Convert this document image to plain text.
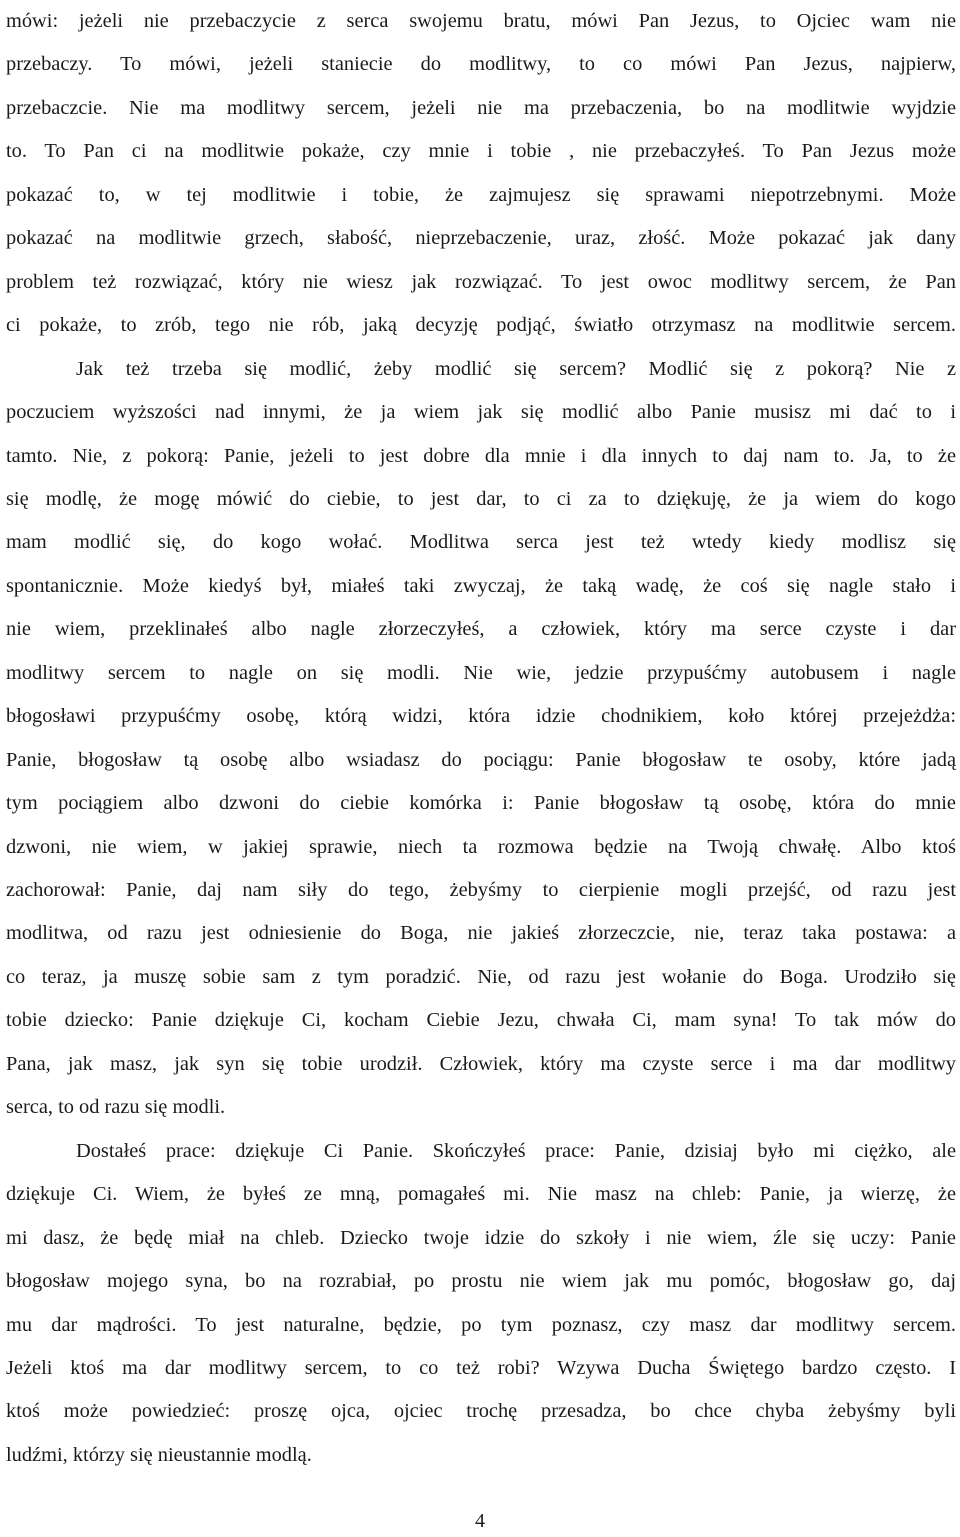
mówi: jeżeli nie przebaczycie z serca swojemu bratu, mówi Pan Jezus, to Ojciec wam nie
przebaczy. To mówi, jeżeli staniecie do modlitwy, to co mówi Pan Jezus, najpierw,
przebaczcie. Nie ma modlitwy sercem, jeżeli nie ma przebaczenia, bo na modlitwie wyjdzie
to. To Pan ci na modlitwie pokaże, czy mnie i tobie , nie przebaczyłeś. To Pan Jezus może
pokazać to, w tej modlitwie i tobie, że zajmujesz się sprawami niepotrzebnymi. Może
pokazać na modlitwie grzech, słabość, nieprzebaczenie, uraz, złość. Może pokazać jak dany
problem też rozwiązać, który nie wiesz jak rozwiązać. To jest owoc modlitwy sercem, że Pan
ci pokaże, to zrób, tego nie rób, jaką decyzję podjąć, światło otrzymasz na modlitwie sercem.
Jak też trzeba się modlić, żeby modlić się sercem? Modlić się z pokorą? Nie z
poczuciem wyższości nad innymi, że ja wiem jak się modlić albo Panie musisz mi dać to i
tamto. Nie, z pokorą: Panie, jeżeli to jest dobre dla mnie i dla innych to daj nam to. Ja, to że
się modlę, że mogę mówić do ciebie, to jest dar, to ci za to dziękuję, że ja wiem do kogo
mam modlić się, do kogo wołać. Modlitwa serca jest też wtedy kiedy modlisz się
spontanicznie. Może kiedyś był, miałeś taki zwyczaj, że taką wadę, że coś się nagle stało i
nie wiem, przeklinałeś albo nagle złorzeczyłeś, a człowiek, który ma serce czyste i dar
modlitwy sercem to nagle on się modli. Nie wie, jedzie przypuśćmy autobusem i nagle
błogosławi przypuśćmy osobę, którą widzi, która idzie chodnikiem, koło której przejeżdża:
Panie, błogosław tą osobę albo wsiadasz do pociągu: Panie błogosław te osoby, które jadą
tym pociągiem albo dzwoni do ciebie komórka i: Panie błogosław tą osobę, która do mnie
dzwoni, nie wiem, w jakiej sprawie, niech ta rozmowa będzie na Twoją chwałę. Albo ktoś
zachorował: Panie, daj nam siły do tego, żebyśmy to cierpienie mogli przejść, od razu jest
modlitwa, od razu jest odniesienie do Boga, nie jakieś złorzeczcie, nie, teraz taka postawa: a
co teraz, ja muszę sobie sam z tym poradzić. Nie, od razu jest wołanie do Boga. Urodziło się
tobie dziecko: Panie dziękuje Ci, kocham Ciebie Jezu, chwała Ci, mam syna! To tak mów do
Pana, jak masz, jak syn się tobie urodził. Człowiek, który ma czyste serce i ma dar modlitwy
serca, to od razu się modli.
Dostałeś prace: dziękuje Ci Panie. Skończyłeś prace: Panie, dzisiaj było mi ciężko, ale
dziękuje Ci. Wiem, że byłeś ze mną, pomagałeś mi. Nie masz na chleb: Panie, ja wierzę, że
mi dasz, że będę miał na chleb. Dziecko twoje idzie do szkoły i nie wiem, źle się uczy: Panie
błogosław mojego syna, bo na rozrabiał, po prostu nie wiem jak mu pomóc, błogosław go, daj
mu dar mądrości. To jest naturalne, będzie, po tym poznasz, czy masz dar modlitwy sercem.
Jeżeli ktoś ma dar modlitwy sercem, to co też robi? Wzywa Ducha Świętego bardzo często. I
ktoś może powiedzieć: proszę ojca, ojciec trochę przesadza, bo chce chyba żebyśmy byli
ludźmi, którzy się nieustannie modlą.
4
